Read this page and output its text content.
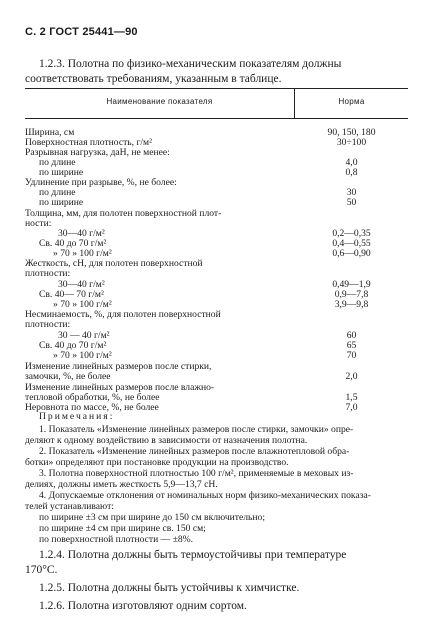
С. 2 ГОСТ 25441—90
1.2.3. Полотна по физико-механическим показателям должны
соответствовать требованиям, указанным в таблице.
Наименование показателя	Норма
Ширина, см	90, 150, 180
Поверхностная плотность, г/м²	30÷100
Разрывная нагрузка, даН, не менее:
по длине	4,0
по ширине	0,8
Удлинение при разрыве, %, не более:
по длине	30
по ширине	50
Толщина, мм, для полотен поверхностной плот-
ности:
30—40 г/м²	0,2—0,35
Св. 40 до 70 г/м²	0,4—0,55
» 70 » 100 г/м²	0,6—0,90
Жесткость, сН, для полотен поверхностной
плотности:
30—40 г/м²	0,49—1,9
Св. 40— 70 г/м²	0,9—7,8
» 70 » 100 г/м²	3,9—9,8
Несминаемость, %, для полотен поверхностной
плотности:
30 — 40 г/м²	60
Св. 40 до 70 г/м²	65
» 70 » 100 г/м²	70
Изменение линейных размеров после стирки,
замочки, %, не более	2,0
Изменение линейных размеров после влажно-
тепловой обработки, %, не более	1,5
Неровнота по массе, %, не более	7,0
Примечания:
1. Показатель «Изменение линейных размеров после стирки, замочки» опре-
деляют к одному воздействию в зависимости от назначения полотна.
2. Показатель «Изменение линейных размеров после влажнотепловой обра-
ботки» определяют при постановке продукции на производство.
3. Полотна поверхностной плотностью 100 г/м², применяемые в меховых из-
делиях, должны иметь жесткость 5,9—13,7 сН.
4. Допускаемые отклонения от номинальных норм физико-механических показа-
телей устанавливают:
по ширине ±3 см при ширине до 150 см включительно;
по ширине ±4 см при ширине св. 150 см;
по поверхностной плотности — ±8%.
1.2.4. Полотна должны быть термоустойчивы при температуре
170°С.
1.2.5. Полотна должны быть устойчивы к химчистке.
1.2.6. Полотна изготовляют одним сортом.
